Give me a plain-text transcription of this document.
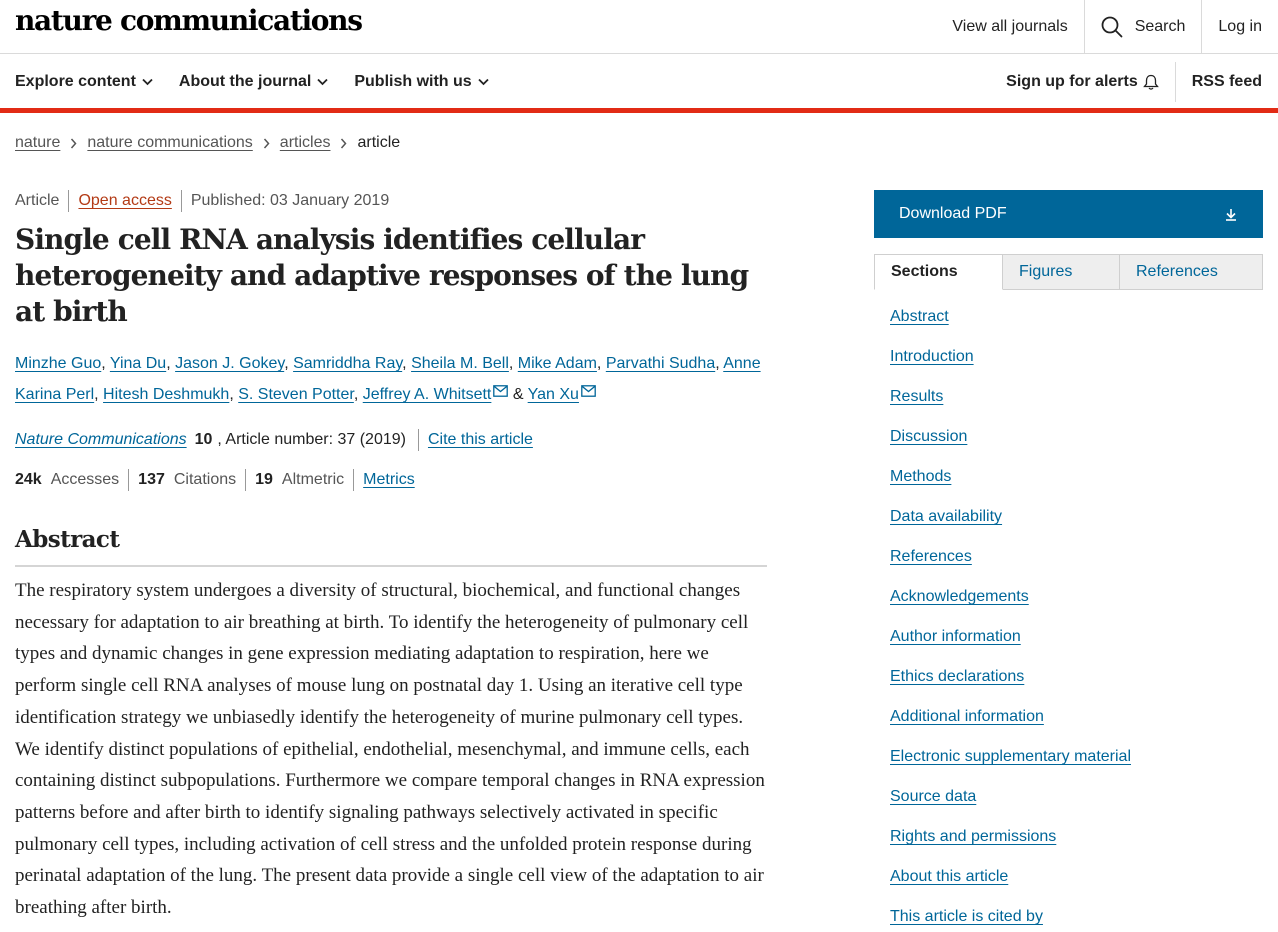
nature communications	View all journals	Search	Log in
Explore content	About the journal	Publish with us	Sign up for alerts	RSS feed
nature nature communications articles article
Article Open access Published: 03 January 2019
Single cell RNA analysis identifies cellular heterogeneity and adaptive responses of the lung at birth
Minzhe Guo, Yina Du, Jason J. Gokey, Samriddha Ray, Sheila M. Bell, Mike Adam, Parvathi Sudha, Anne Karina Perl, Hitesh Deshmukh, S. Steven Potter, Jeffrey A. Whitsett & Yan Xu
Nature Communications 10 , Article number: 37 (2019) Cite this article
24k Accesses 137 Citations 19 Altmetric Metrics
Abstract

The respiratory system undergoes a diversity of structural, biochemical, and functional changes necessary for adaptation to air breathing at birth. To identify the heterogeneity of pulmonary cell types and dynamic changes in gene expression mediating adaptation to respiration, here we perform single cell RNA analyses of mouse lung on postnatal day 1. Using an iterative cell type identification strategy we unbiasedly identify the heterogeneity of murine pulmonary cell types. We identify distinct populations of epithelial, endothelial, mesenchymal, and immune cells, each containing distinct subpopulations. Furthermore we compare temporal changes in RNA expression patterns before and after birth to identify signaling pathways selectively activated in specific pulmonary cell types, including activation of cell stress and the unfolded protein response during perinatal adaptation of the lung. The present data provide a single cell view of the adaptation to air breathing after birth.

Download PDF
Sections	Figures	References
Abstract
Introduction
Results
Discussion
Methods
Data availability
References
Acknowledgements
Author information
Ethics declarations
Additional information
Electronic supplementary material
Source data
Rights and permissions
About this article
This article is cited by
